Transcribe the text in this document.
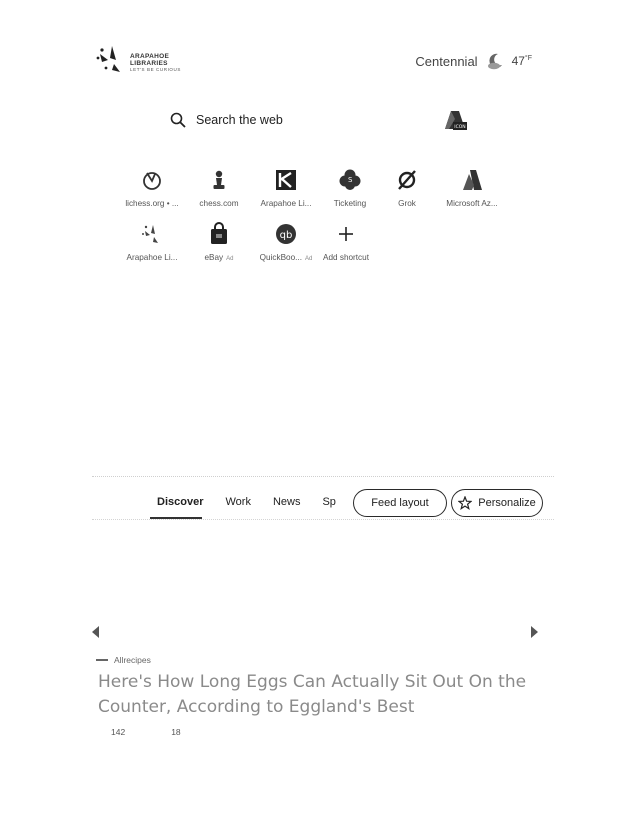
ARAPAHOE
LIBRARIES
LET'S BE CURIOUS
Centennial	$47^{^\circ F}$
Search the web
ICON
lichess.org • ...	chess.com	Arapahoe Li...
S
Ticketing	Grok	Microsoft Az...
Arapahoe Li...	eBay Ad
qb
QuickBoo... Ad	Add shortcut
Discover Work News Sp	Feed layout	Personalize
Allrecipes
Here's How Long Eggs Can Actually Sit Out On the Counter, According to Eggland's Best
142	18
